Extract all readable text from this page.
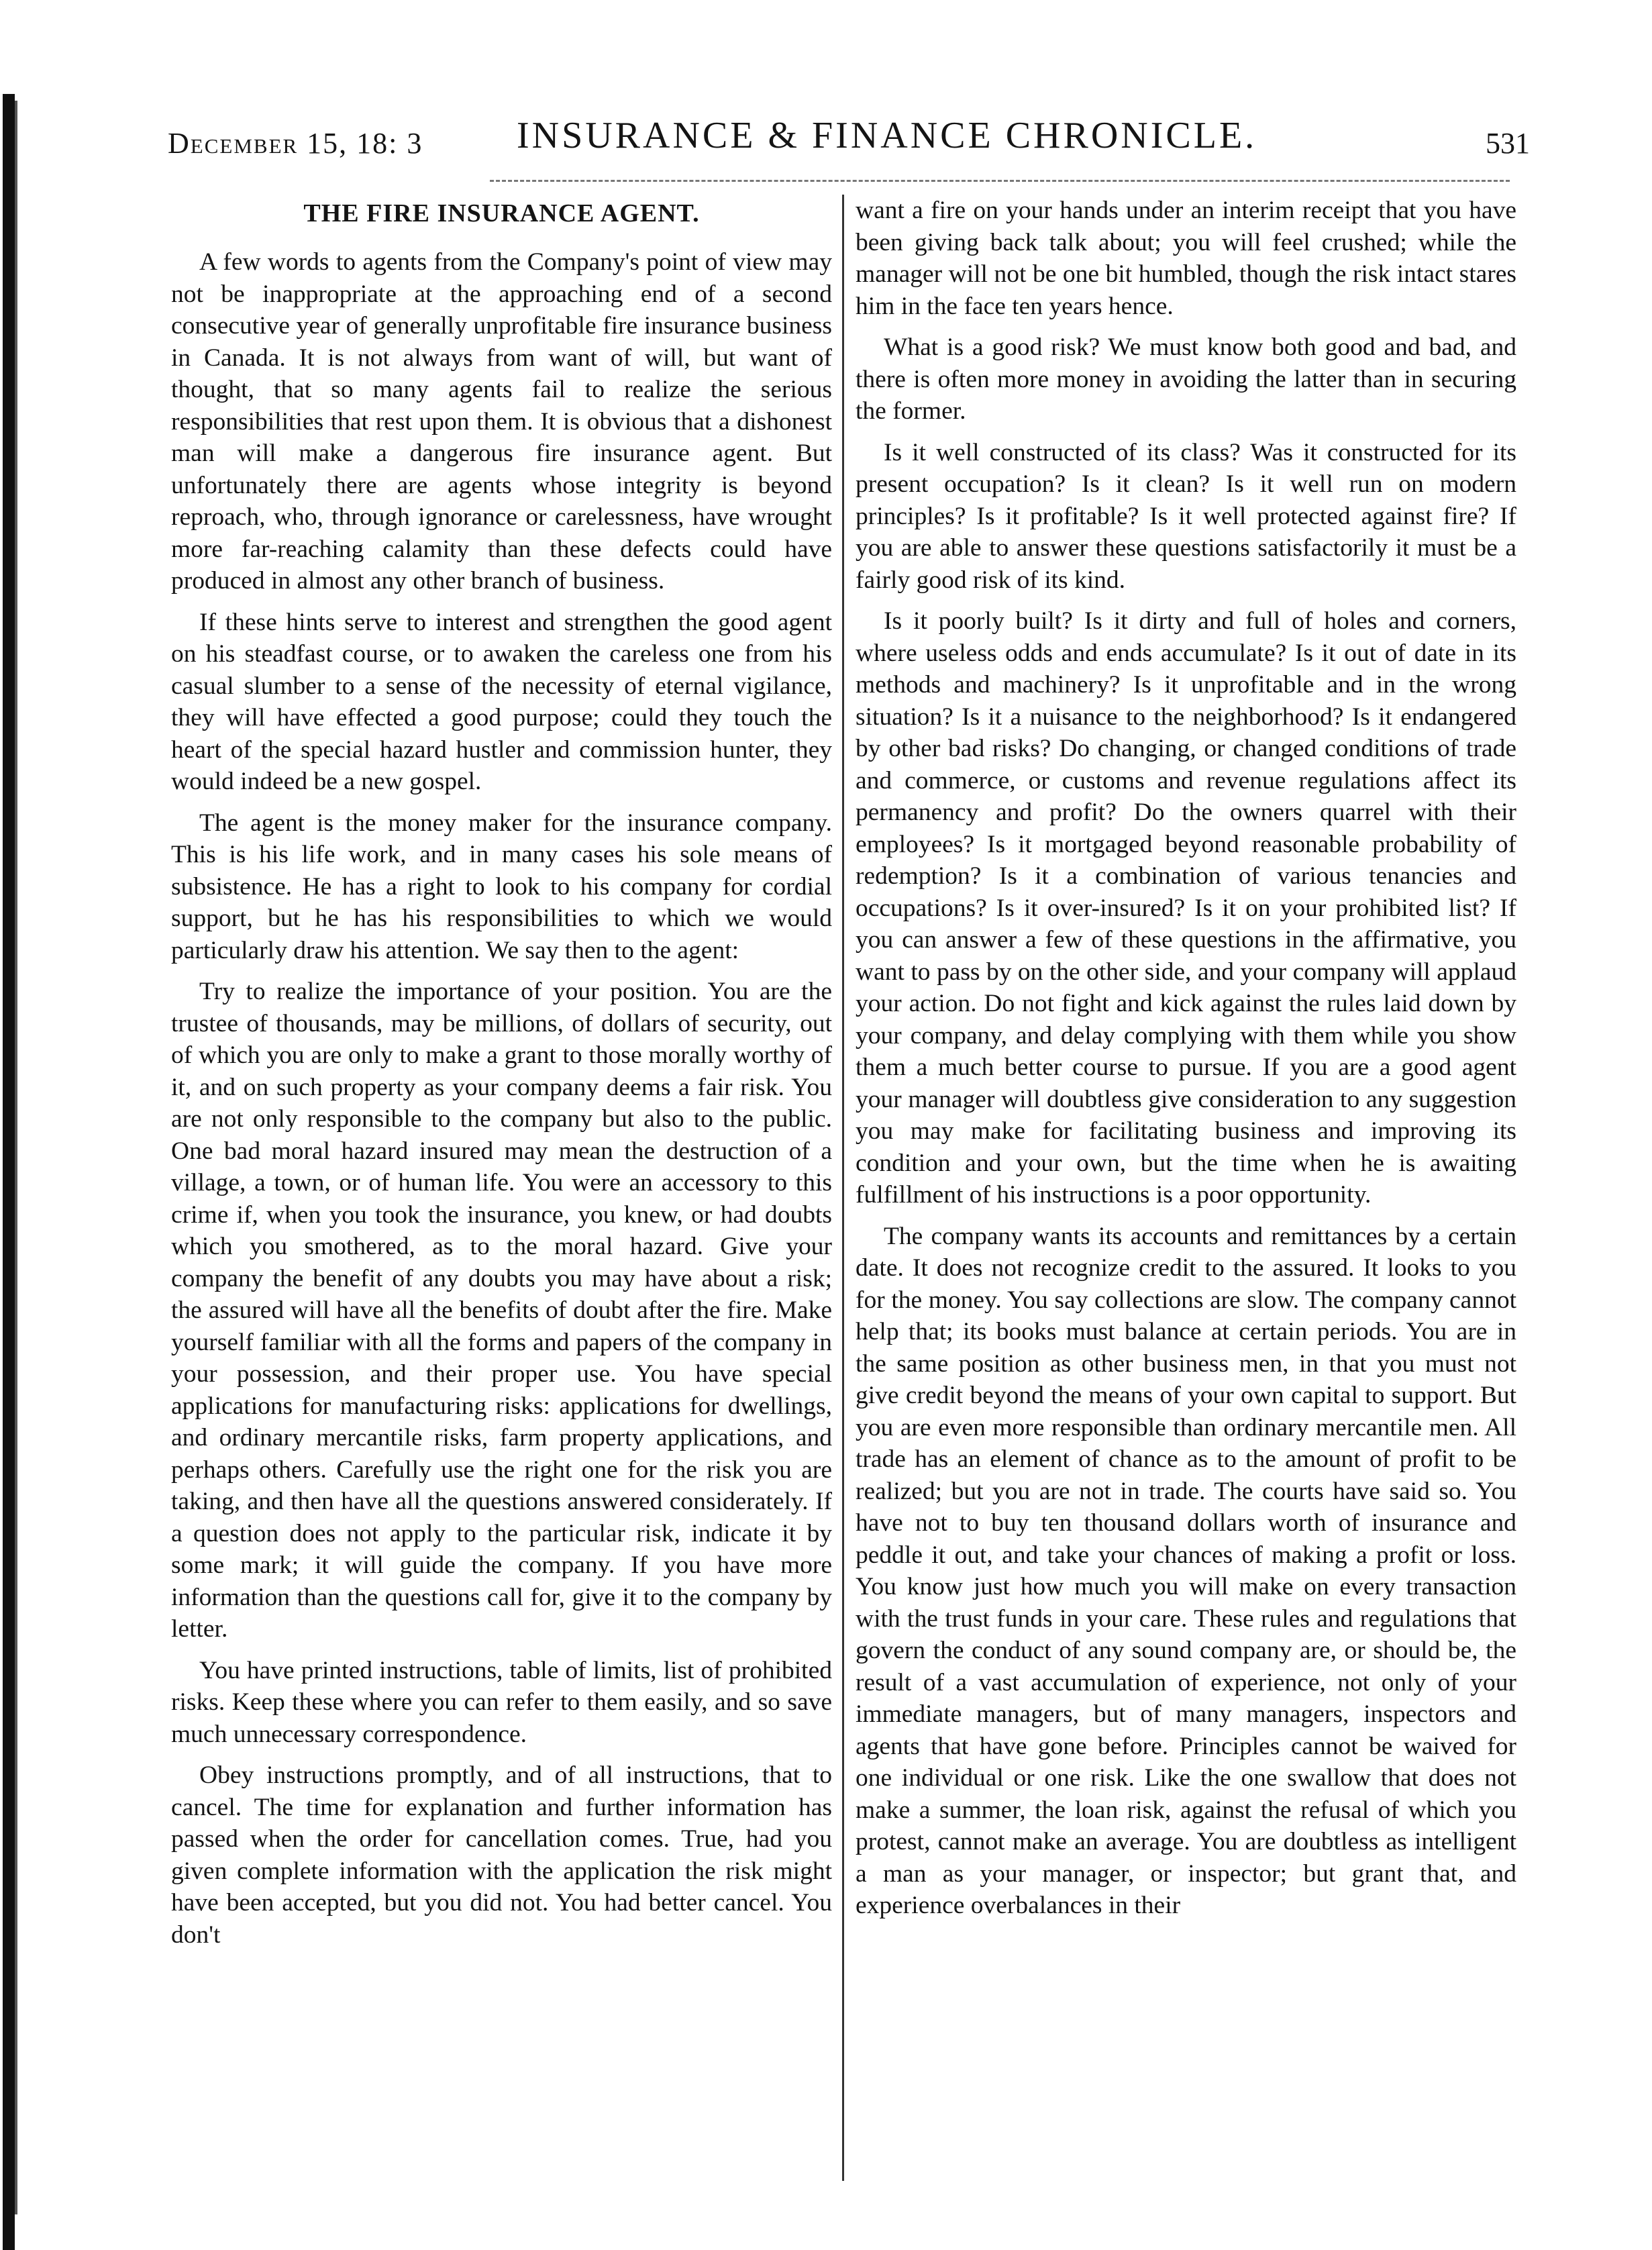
December 15, 18: 3 INSURANCE & FINANCE CHRONICLE.	531
THE FIRE INSURANCE AGENT.

A few words to agents from the Company's point of view may not be inappropriate at the approaching end of a second consecutive year of generally unprofitable fire insurance business in Canada. It is not always from want of will, but want of thought, that so many agents fail to realize the serious responsibilities that rest upon them. It is obvious that a dishonest man will make a dangerous fire insurance agent. But unfortunately there are agents whose integrity is beyond reproach, who, through ignorance or carelessness, have wrought more far-reaching calamity than these defects could have produced in almost any other branch of business.

If these hints serve to interest and strengthen the good agent on his steadfast course, or to awaken the careless one from his casual slumber to a sense of the necessity of eternal vigilance, they will have effected a good purpose; could they touch the heart of the special hazard hustler and commission hunter, they would indeed be a new gospel.

The agent is the money maker for the insurance company. This is his life work, and in many cases his sole means of subsistence. He has a right to look to his company for cordial support, but he has his responsibilities to which we would particularly draw his attention. We say then to the agent:

Try to realize the importance of your position. You are the trustee of thousands, may be millions, of dollars of security, out of which you are only to make a grant to those morally worthy of it, and on such property as your company deems a fair risk. You are not only responsible to the company but also to the public. One bad moral hazard insured may mean the destruction of a village, a town, or of human life. You were an accessory to this crime if, when you took the insurance, you knew, or had doubts which you smothered, as to the moral hazard. Give your company the benefit of any doubts you may have about a risk; the assured will have all the benefits of doubt after the fire. Make yourself familiar with all the forms and papers of the company in your possession, and their proper use. You have special applications for manufacturing risks: applications for dwellings, and ordinary mercantile risks, farm property applications, and perhaps others. Carefully use the right one for the risk you are taking, and then have all the questions answered considerately. If a question does not apply to the particular risk, indicate it by some mark; it will guide the company. If you have more information than the questions call for, give it to the company by letter.

You have printed instructions, table of limits, list of prohibited risks. Keep these where you can refer to them easily, and so save much unnecessary correspondence.

Obey instructions promptly, and of all instructions, that to cancel. The time for explanation and further information has passed when the order for cancellation comes. True, had you given complete information with the application the risk might have been accepted, but you did not. You had better cancel. You don't

want a fire on your hands under an interim receipt that you have been giving back talk about; you will feel crushed; while the manager will not be one bit humbled, though the risk intact stares him in the face ten years hence.

What is a good risk? We must know both good and bad, and there is often more money in avoiding the latter than in securing the former.

Is it well constructed of its class? Was it constructed for its present occupation? Is it clean? Is it well run on modern principles? Is it profitable? Is it well protected against fire? If you are able to answer these questions satisfactorily it must be a fairly good risk of its kind.

Is it poorly built? Is it dirty and full of holes and corners, where useless odds and ends accumulate? Is it out of date in its methods and machinery? Is it unprofitable and in the wrong situation? Is it a nuisance to the neighborhood? Is it endangered by other bad risks? Do changing, or changed conditions of trade and commerce, or customs and revenue regulations affect its permanency and profit? Do the owners quarrel with their employees? Is it mortgaged beyond reasonable probability of redemption? Is it a combination of various tenancies and occupations? Is it over-insured? Is it on your prohibited list? If you can answer a few of these questions in the affirmative, you want to pass by on the other side, and your company will applaud your action. Do not fight and kick against the rules laid down by your company, and delay complying with them while you show them a much better course to pursue. If you are a good agent your manager will doubtless give consideration to any suggestion you may make for facilitating business and improving its condition and your own, but the time when he is awaiting fulfillment of his instructions is a poor opportunity.

The company wants its accounts and remittances by a certain date. It does not recognize credit to the assured. It looks to you for the money. You say collections are slow. The company cannot help that; its books must balance at certain periods. You are in the same position as other business men, in that you must not give credit beyond the means of your own capital to support. But you are even more responsible than ordinary mercantile men. All trade has an element of chance as to the amount of profit to be realized; but you are not in trade. The courts have said so. You have not to buy ten thousand dollars worth of insurance and peddle it out, and take your chances of making a profit or loss. You know just how much you will make on every transaction with the trust funds in your care. These rules and regulations that govern the conduct of any sound company are, or should be, the result of a vast accumulation of experience, not only of your immediate managers, but of many managers, inspectors and agents that have gone before. Principles cannot be waived for one individual or one risk. Like the one swallow that does not make a summer, the loan risk, against the refusal of which you protest, cannot make an average. You are doubtless as intelligent a man as your manager, or inspector; but grant that, and experience overbalances in their
